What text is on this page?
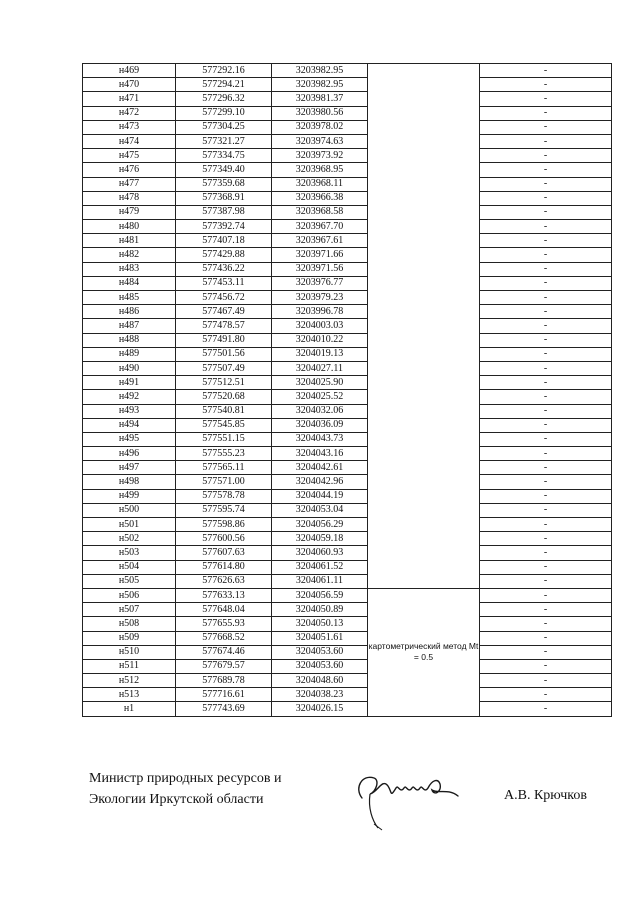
н469	577292.16	3203982.95		-
н470	577294.21	3203982.95		-
н471	577296.32	3203981.37		-
н472	577299.10	3203980.56		-
н473	577304.25	3203978.02		-
н474	577321.27	3203974.63		-
н475	577334.75	3203973.92		-
н476	577349.40	3203968.95		-
н477	577359.68	3203968.11		-
н478	577368.91	3203966.38		-
н479	577387.98	3203968.58		-
н480	577392.74	3203967.70		-
н481	577407.18	3203967.61		-
н482	577429.88	3203971.66		-
н483	577436.22	3203971.56		-
н484	577453.11	3203976.77		-
н485	577456.72	3203979.23		-
н486	577467.49	3203996.78		-
н487	577478.57	3204003.03		-
н488	577491.80	3204010.22		-
н489	577501.56	3204019.13		-
н490	577507.49	3204027.11		-
н491	577512.51	3204025.90		-
н492	577520.68	3204025.52		-
н493	577540.81	3204032.06		-
н494	577545.85	3204036.09		-
н495	577551.15	3204043.73		-
н496	577555.23	3204043.16		-
н497	577565.11	3204042.61		-
н498	577571.00	3204042.96		-
н499	577578.78	3204044.19		-
н500	577595.74	3204053.04		-
н501	577598.86	3204056.29		-
н502	577600.56	3204059.18		-
н503	577607.63	3204060.93		-
н504	577614.80	3204061.52		-
н505	577626.63	3204061.11		-
н506	577633.13	3204056.59	картометрический метод Mt = 0.5	-
н507	577648.04	3204050.89		-
н508	577655.93	3204050.13		-
н509	577668.52	3204051.61		-
н510	577674.46	3204053.60		-
н511	577679.57	3204053.60		-
н512	577689.78	3204048.60		-
н513	577716.61	3204038.23		-
н1	577743.69	3204026.15		-
Министр природных ресурсов и
Экологии Иркутской области	А.В. Крючков
